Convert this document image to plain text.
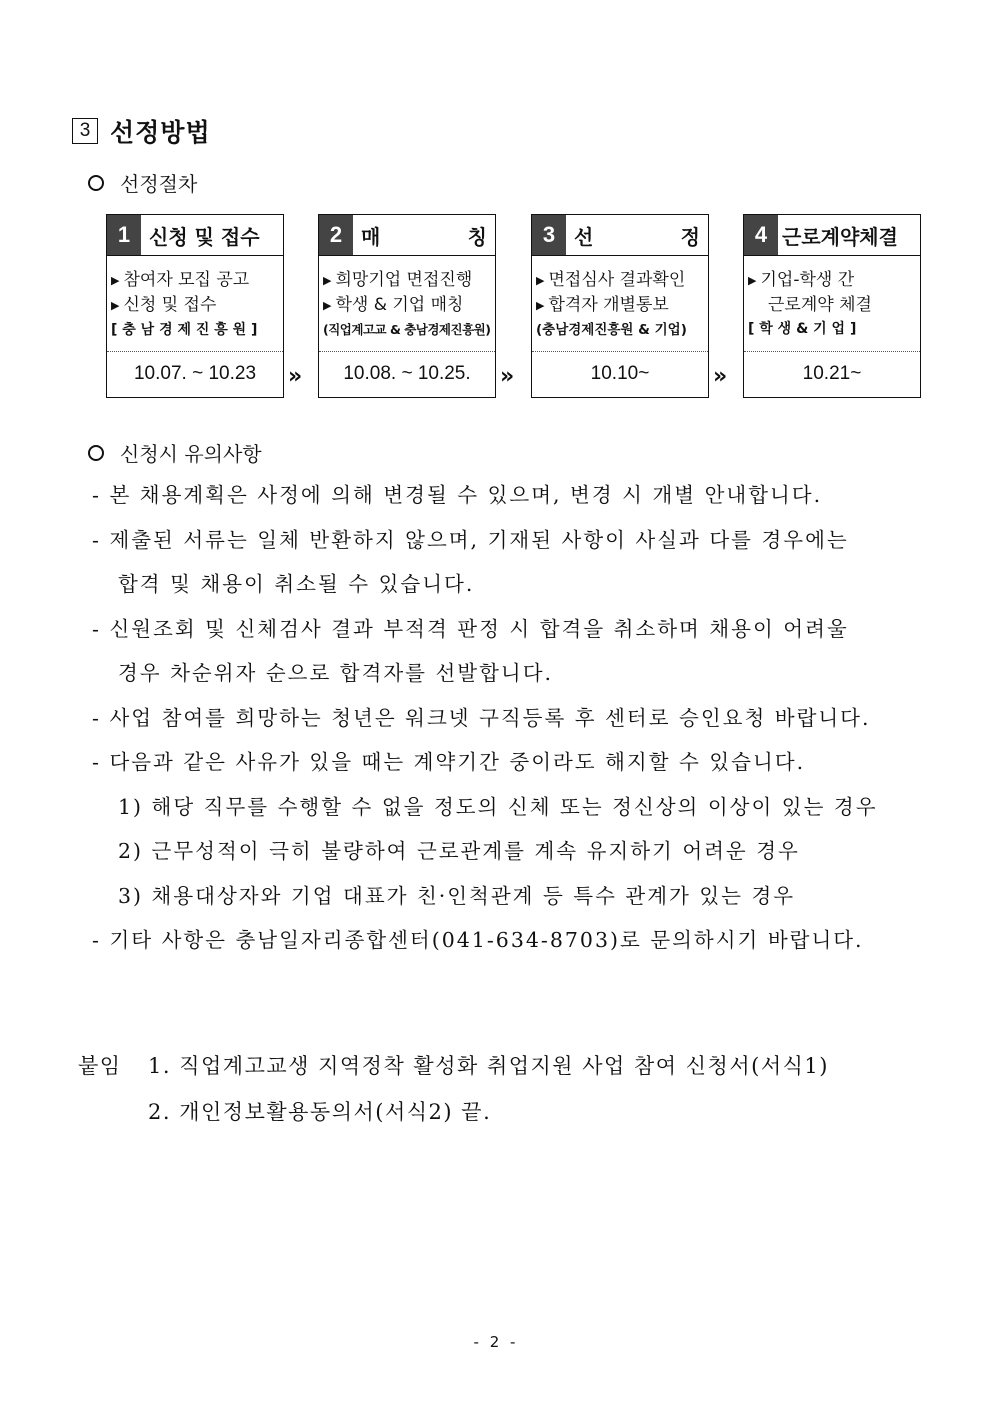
3 선정방법
선정절차
1 신청 및 접수
▶ 참여자 모집 공고
▶ 신청 및 접수
[ 충 남 경 제 진 흥 원 ]
10.07. ~ 10.23	»
2 매	칭
▶ 희망기업 면접진행
▶ 학생 & 기업 매칭
(직업계고교 & 충남경제진흥원)
10.08. ~ 10.25.	»
3 선	정
▶ 면접심사 결과확인
▶ 합격자 개별통보
(충남경제진흥원 & 기업)
10.10~	»
4 근로계약체결
▶ 기업-학생 간
근로계약 체결
[ 학 생 & 기 업 ]
10.21~
신청시 유의사항
- 본 채용계획은 사정에 의해 변경될 수 있으며, 변경 시 개별 안내합니다.
- 제출된 서류는 일체 반환하지 않으며, 기재된 사항이 사실과 다를 경우에는
합격 및 채용이 취소될 수 있습니다.
- 신원조회 및 신체검사 결과 부적격 판정 시 합격을 취소하며 채용이 어려울
경우 차순위자 순으로 합격자를 선발합니다.
- 사업 참여를 희망하는 청년은 워크넷 구직등록 후 센터로 승인요청 바랍니다.
- 다음과 같은 사유가 있을 때는 계약기간 중이라도 해지할 수 있습니다.
1) 해당 직무를 수행할 수 없을 정도의 신체 또는 정신상의 이상이 있는 경우
2) 근무성적이 극히 불량하여 근로관계를 계속 유지하기 어려운 경우
3) 채용대상자와 기업 대표가 친·인척관계 등 특수 관계가 있는 경우
- 기타 사항은 충남일자리종합센터(041-634-8703)로 문의하시기 바랍니다.
붙임 1. 직업계고교생 지역정착 활성화 취업지원 사업 참여 신청서(서식1)
2. 개인정보활용동의서(서식2) 끝.
- 2 -
